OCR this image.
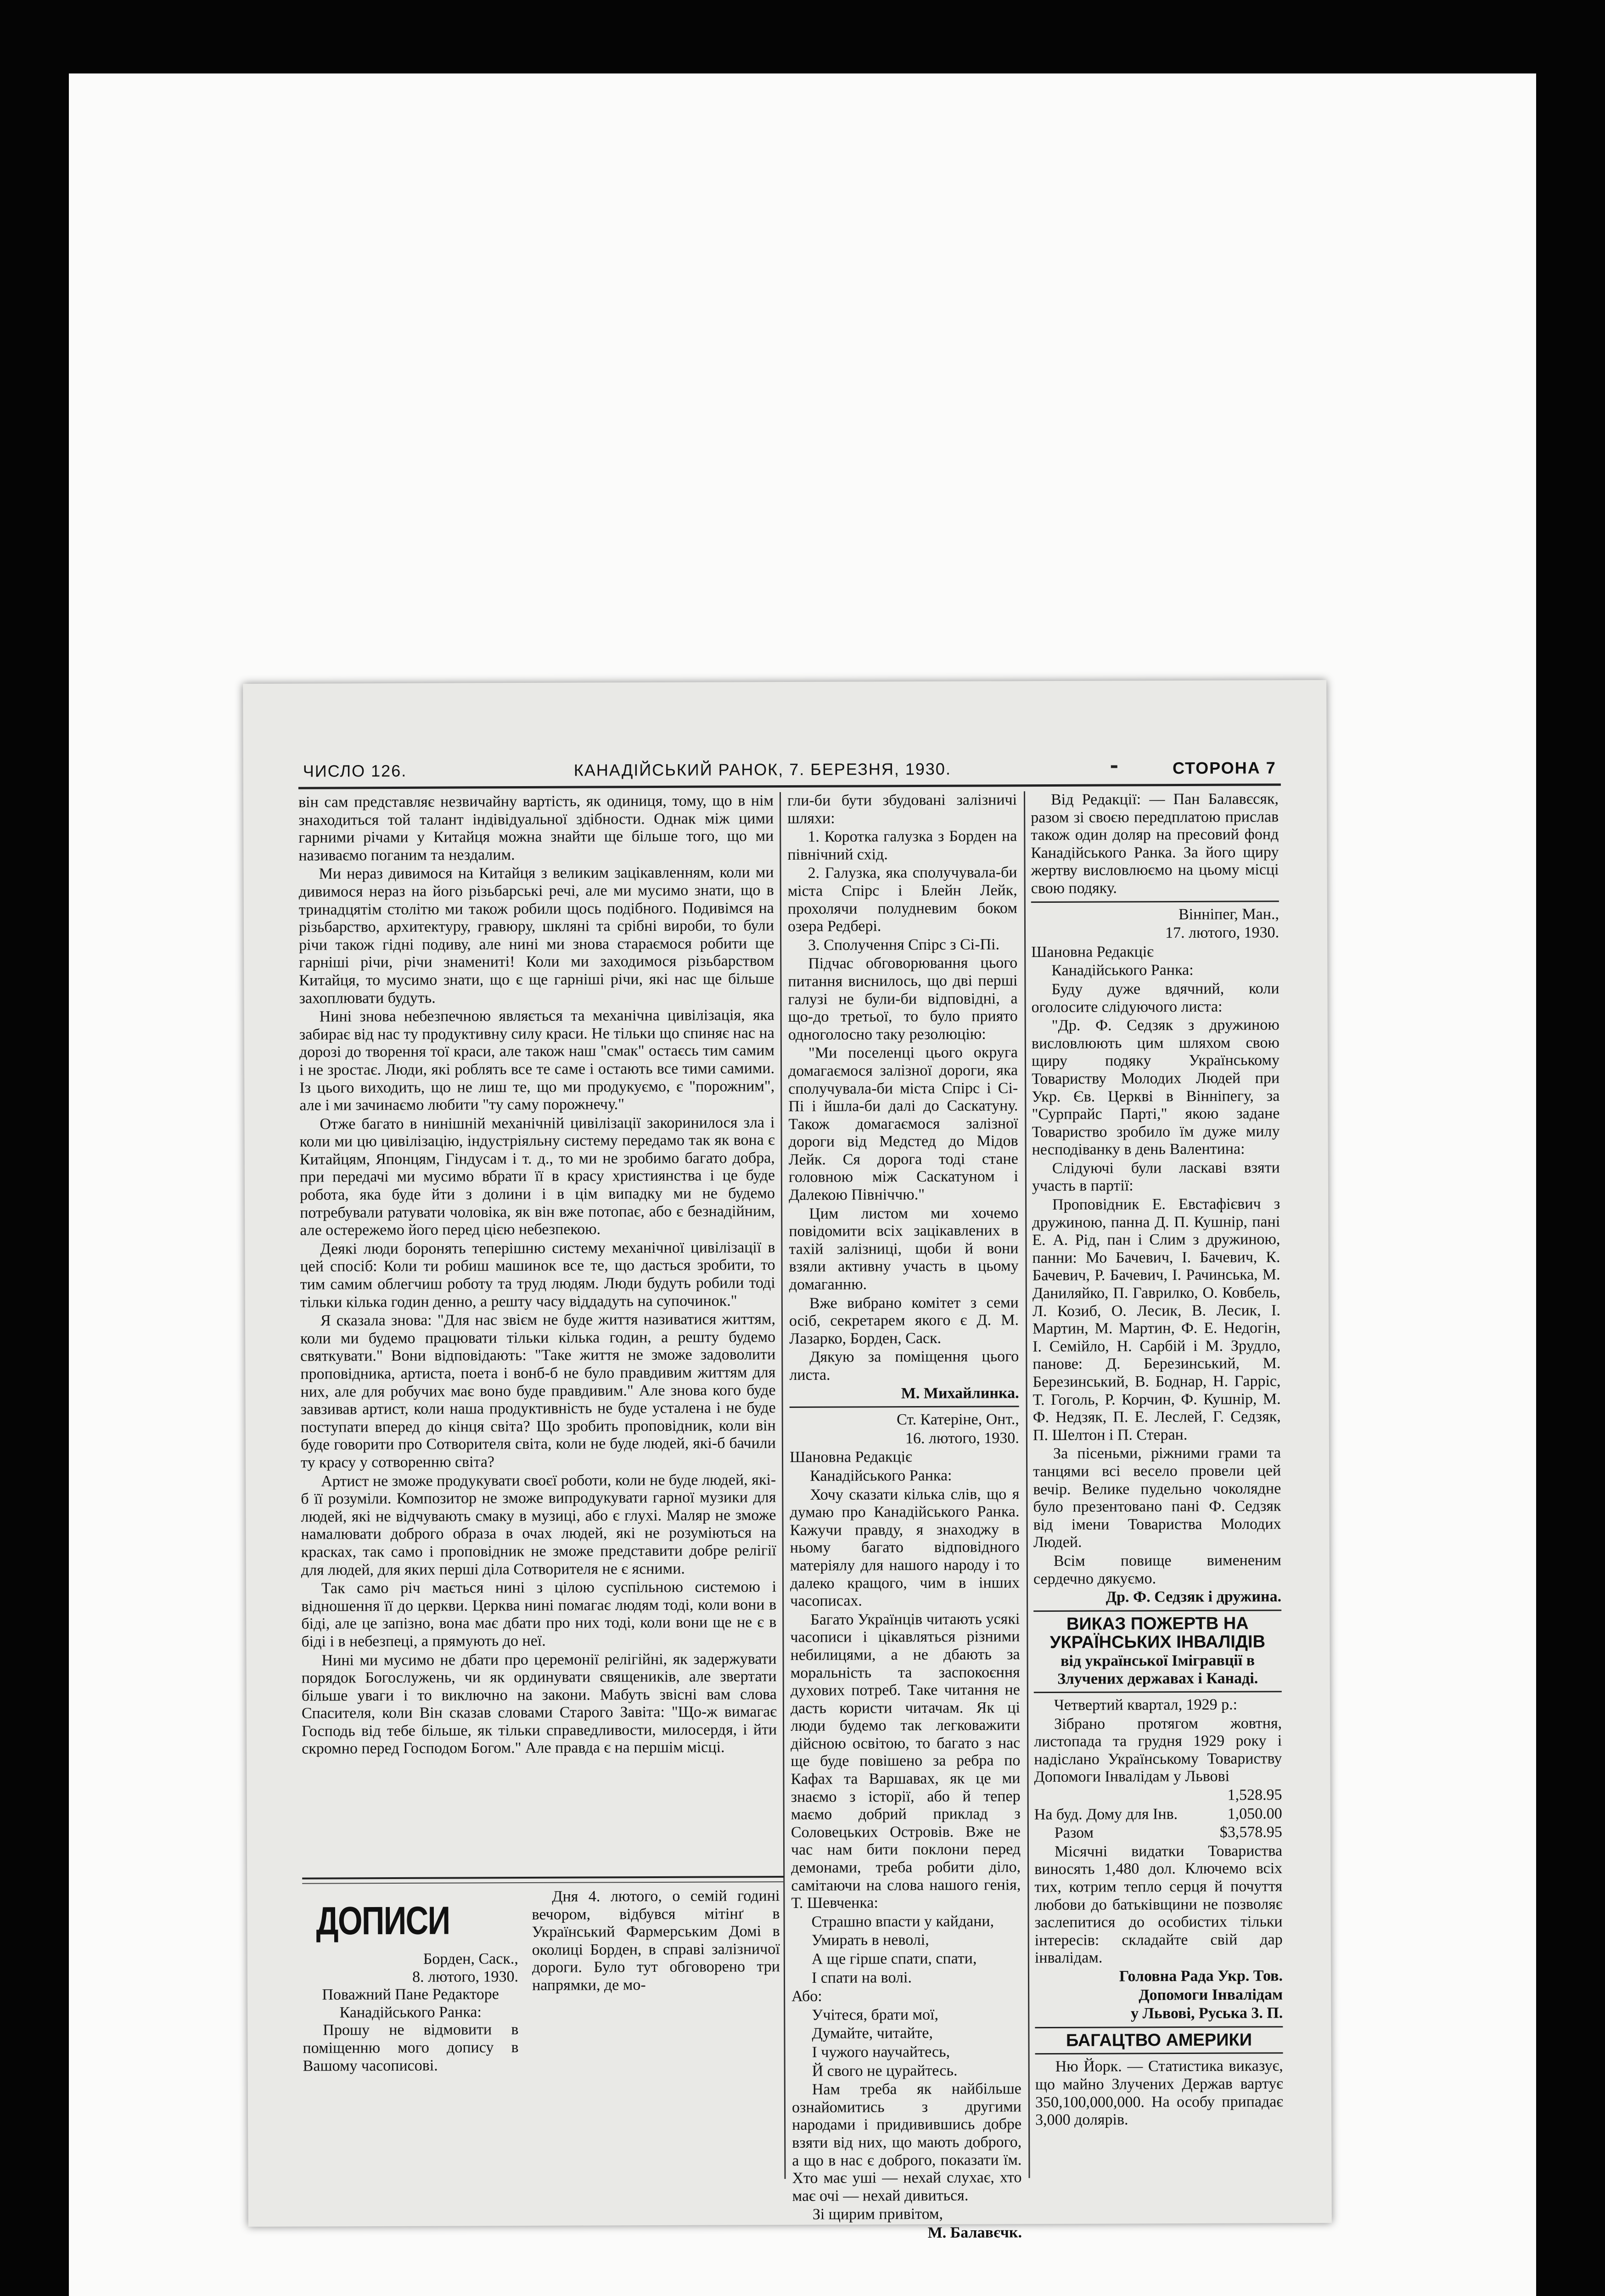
ЧИСЛО 126.	КАНАДІЙСЬКИЙ РАНОК, 7. БЕРЕЗНЯ, 1930.	СТОРОНА 7

він сам представляє незвичайну вартість, як одиниця, тому, що в нім знаходиться той талант індівідуальної здібности. Однак між цими гарними річами у Китайця можна знайти ще більше того, що ми називаємо поганим та нездалим.

Ми нераз дивимося на Китайця з великим зацікавленням, коли ми дивимося нераз на його різьбарські речі, але ми мусимо знати, що в тринадцятім столітю ми також робили щось подібного. Подивімся на різьбарство, архитектуру, гравюру, шкляні та срібні вироби, то були річи також гідні подиву, але нині ми знова стараємося робити ще гарніші річи, річи знамениті! Коли ми заходимося різьбарством Китайця, то мусимо знати, що є ще гарніші річи, які нас ще більше захоплювати будуть.

Нині знова небезпечною являється та механічна цивілізація, яка забирає від нас ту продуктивну силу краси. Не тільки що спиняє нас на дорозі до творення тої краси, але також наш "смак" остаєсь тим самим і не зростає. Люди, які роблять все те саме і остають все тими самими. Із цього виходить, що не лиш те, що ми продукуємо, є "порожним", але і ми зачинаємо любити "ту саму порожнечу."

Отже багато в нинішній механічній цивілізації закоринилося зла і коли ми цю цивілізацію, індустріяльну систему передамо так як вона є Китайцям, Японцям, Гіндусам і т. д., то ми не зробимо багато добра, при передачі ми мусимо вбрати її в красу християнства і це буде робота, яка буде йти з долини і в цім випадку ми не будемо потребували ратувати чоловіка, як він вже потопає, або є безнадійним, але остережемо його перед цією небезпекою.

Деякі люди боронять теперішню систему механічної цивілізації в цей спосіб: Коли ти робиш машинок все те, що дасться зробити, то тим самим облегчиш роботу та труд людям. Люди будуть робили тоді тільки кілька годин денно, а решту часу віддадуть на супочинок."

Я сказала знова: "Для нас звієм не буде життя називатися життям, коли ми будемо працювати тільки кілька годин, а решту будемо святкувати." Вони відповідають: "Таке життя не зможе задоволити проповідника, артиста, поета і вонб-б не було правдивим життям для них, але для робучих має воно буде правдивим." Але знова кого буде завзивав артист, коли наша продуктивність не буде усталена і не буде поступати вперед до кінця світа? Що зробить проповідник, коли він буде говорити про Сотворителя світа, коли не буде людей, які-б бачили ту красу у сотворенню світа?

Артист не зможе продукувати своєї роботи, коли не буде людей, які-б її розуміли. Композитор не зможе випродукувати гарної музики для людей, які не відчувають смаку в музиці, або є глухі. Маляр не зможе намалювати доброго образа в очах людей, які не розуміються на красках, так само і проповідник не зможе представити добре релігії для людей, для яких перші діла Сотворителя не є ясними.

Так само річ мається нині з цілою суспільною системою і відношення її до церкви. Церква нині помагає людям тоді, коли вони в біді, але це запізно, вона має дбати про них тоді, коли вони ще не є в біді і в небезпеці, а прямують до неї.

Нині ми мусимо не дбати про церемонії релігійні, як задержувати порядок Богослужень, чи як ординувати священиків, але звертати більше уваги і то виключно на закони. Мабуть звісні вам слова Спасителя, коли Він сказав словами Старого Завіта: "Що-ж вимагає Господь від тебе більше, як тільки справедливости, милосердя, і йти скромно перед Господом Богом." Але правда є на першім місці.

ДОПИСИ

Борден, Саск.,

8. лютого, 1930.

Поважний Пане Редакторе

Канадійського Ранка:

Прошу не відмовити в поміщенню мого допису в Вашому часописові.

Дня 4. лютого, о семій годині вечором, відбувся мітінґ в Український Фармерським Домі в околиці Борден, в справі залізничої дороги. Було тут обговорено три напрямки, де мо-

гли-би бути збудовані залізничі шляхи:

1. Коротка галузка з Борден на північний схід.

2. Галузка, яка сполучувала-би міста Спірс і Блейн Лейк, прохолячи полудневим боком озера Редбері.

3. Сполучення Спірс з Сі-Пі.

Підчас обговорювання цього питання виснилось, що дві перші галузі не були-би відповідні, а що-до третьої, то було приято одноголосно таку резолюцію:

"Ми поселенці цього округа домагаємося залізної дороги, яка сполучувала-би міста Спірс і Сі-Пі і йшла-би далі до Саскатуну. Також домагаємося залізної дороги від Медстед до Мідов Лейк. Ся дорога тоді стане головною між Саскатуном і Далекою Північчю."

Цим листом ми хочемо повідомити всіх зацікавлених в тахій залізниці, щоби й вони взяли активну участь в цьому домаганню.

Вже вибрано комітет з семи осіб, секретарем якого є Д. М. Лазарко, Борден, Саск.

Дякую за поміщення цього листа.

М. Михайлинка.

Ст. Катеріне, Онт.,

16. лютого, 1930.

Шановна Редакціє

Канадійського Ранка:

Хочу сказати кілька слів, що я думаю про Канадійського Ранка. Кажучи правду, я знаходжу в ньому багато відповідного матеріялу для нашого народу і то далеко кращого, чим в інших часописах.

Багато Українців читають усякі часописи і цікавляться різними небилицями, а не дбають за моральність та заспокоєння духових потреб. Таке читання не дасть користи читачам. Як ці люди будемо так легковажити дійсною освітою, то багато з нас ще буде повішено за ребра по Кафах та Варшавах, як це ми знаємо з історії, або й тепер маємо добрий приклад з Соловецьких Островів. Вже не час нам бити поклони перед демонами, треба робити діло, самітаючи на слова нашого генія, Т. Шевченка:

Страшно впасти у кайдани,

Умирать в неволі,

А ще гірше спати, спати,

І спати на волі.

Або:

Учітеся, брати мої,

Думайте, читайте,

І чужого научайтесь,

Й свого не цурайтесь.

Нам треба як найбільше ознайомитись з другими народами і придивившись добре взяти від них, що мають доброго, а що в нас є доброго, показати їм. Хто має уші — нехай слухає, хто має очі — нехай дивиться.

Зі щирим привітом,

М. Балавєчк.

Від Редакції: — Пан Балавєсяк, разом зі своєю передплатою прислав також один доляр на пресовий фонд Канадійського Ранка. За його щиру жертву висловлюємо на цьому місці свою подяку.

Вінніпег, Ман.,

17. лютого, 1930.

Шановна Редакціє

Канадійського Ранка:

Буду дуже вдячний, коли оголосите слідуючого листа:

"Др. Ф. Седзяк з дружиною висловлюють цим шляхом свою щиру подяку Українському Товариству Молодих Людей при Укр. Єв. Церкві в Вінніпегу, за "Сурпрайс Парті," якою задане Товариство зробило їм дуже милу несподіванку в день Валентина:

Слідуючі були ласкаві взяти участь в партії:

Проповідник Е. Евстафієвич з дружиною, панна Д. П. Кушнір, пані Е. А. Рід, пан і Слим з дружиною, панни: Мо Бачевич, І. Бачевич, К. Бачевич, Р. Бачевич, І. Рачинська, М. Даниляйко, П. Гаврилко, О. Ковбель, Л. Козиб, О. Лесик, В. Лесик, І. Мартин, М. Мартин, Ф. Е. Недогін, І. Семійло, Н. Сарбій і М. Зрудло, панове: Д. Березинський, М. Березинський, В. Боднар, Н. Гарріс, Т. Гоголь, Р. Корчин, Ф. Кушнір, М. Ф. Недзяк, П. Е. Леслей, Г. Седзяк, П. Шелтон і П. Стеран.

За пісеньми, ріжними грами та танцями всі весело провели цей вечір. Велике пудельно чоколядне було презентовано пані Ф. Седзяк від імени Товариства Молодих Людей.

Всім повище вимененим сердечно дякуємо.

Др. Ф. Седзяк і дружина.

ВИКАЗ ПОЖЕРТВ НА

УКРАЇНСЬКИХ ІНВАЛІДІВ

від української Імігравції в Злучених державах і Канаді.

Четвертий квартал, 1929 р.:

Зібрано протягом жовтня, листопада та грудня 1929 року і надіслано Українському Товариству Допомоги Інвалідам у Львові

1,528.95

На буд. Дому для Інв.	1,050.00

Разом	$3,578.95

Місячні видатки Товариства виносять 1,480 дол. Ключемо всіх тих, котрим тепло серця й почуття любови до батьківщини не позволяє заслепитися до особистих тільки інтересів: складайте свій дар інвалідам.

Головна Рада Укр. Тов.

Допомоги Інвалідам

у Львові, Руська 3. П.

БАГАЦТВО АМЕРИКИ

Ню Йорк. — Статистика виказує, що майно Злучених Держав вартує 350,100,000,000. На особу припадає 3,000 долярів.
